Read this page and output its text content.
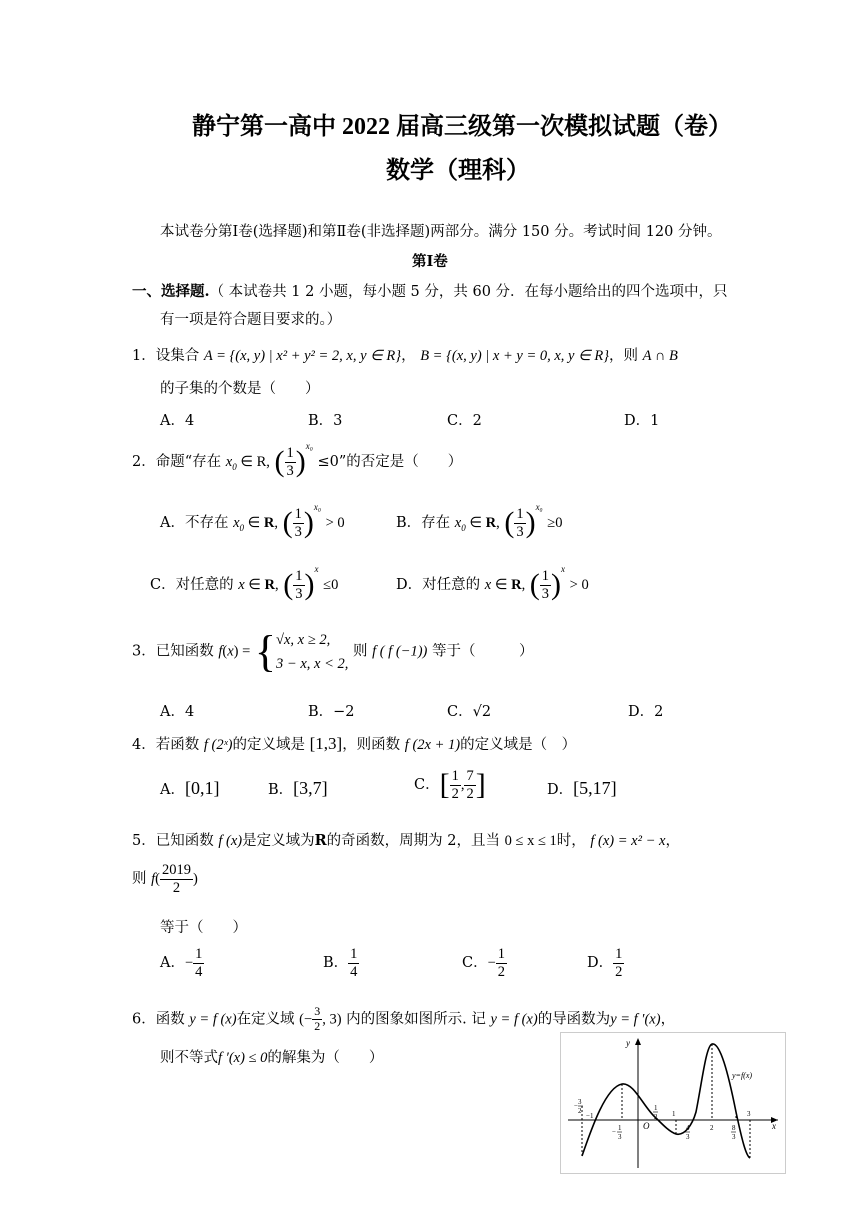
静宁第一高中 2022 届高三级第一次模拟试题（卷）
数学（理科）
本试卷分第Ⅰ卷(选择题)和第Ⅱ卷(非选择题)两部分。满分 150 分。考试时间 120 分钟。
第Ⅰ卷
一、选择题.（ 本试卷共 1 2 小题，每小题 5 分，共 60 分．在每小题给出的四个选项中，只
有一项是符合题目要求的。）
1．设集合 A = {(x, y) | x² + y² = 2, x, y ∈ R}， B = {(x, y) | x + y = 0, x, y ∈ R}，则 A ∩ B
的子集的个数是（　　）
A．4	B．3	C．2	D．1
2．命题“存在 $x_0$ ∈ R, ( $\frac{1}{3} )^{x_0} \le 0$”的否定是（　　）
A．不存在 $x_0$ ∈ R, ( $\frac{1}{3} )^{x_0} > 0$	B．存在 $x_0$ ∈ R, ( $\frac{1}{3} )^{x_0} \ge 0$
C．对任意的 x ∈ R, ( $\frac{1}{3} )^x \le 0$	D．对任意的 x ∈ R, ( $\frac{1}{3} )^x > 0$
3．已知函数 f(x) = { √x, x ≥ 2,
3 − x, x < 2,
则 f ( f (−1)) 等于（　　　）
A．4	B．−2	C．√2	D．2
4．若函数 f (2ˣ)的定义域是 [1,3]，则函数 f (2x + 1)的定义域是（　）
A．[0,1]	B．[3,7]	C．[ $\frac{1}{2}$ , $\frac{7}{2}$ ]	D．[5,17]
5．已知函数 f (x)是定义域为R的奇函数，周期为 2，且当 0 ≤ x ≤ 1时， f (x) = x² − x，
则 $f( \frac{2019}{2}$ )
等于（　　）
A．− $\frac{1}{4}$	B． $\frac{1}{4}$	C．− $\frac{1}{2}$	D． $\frac{1}{2}$
6．函数 y = f (x)在定义域 (− $\frac{3}{2}$ , 3) 内的图象如图所示. 记 y = f (x)的导函数为y = f ′(x)，
则不等式f ′(x) ≤ 0的解集为（　　）
y
x
O
y=f(x)
− 3
2
−1
− 1
3
1
2 1
4
3
2	8
3
3
